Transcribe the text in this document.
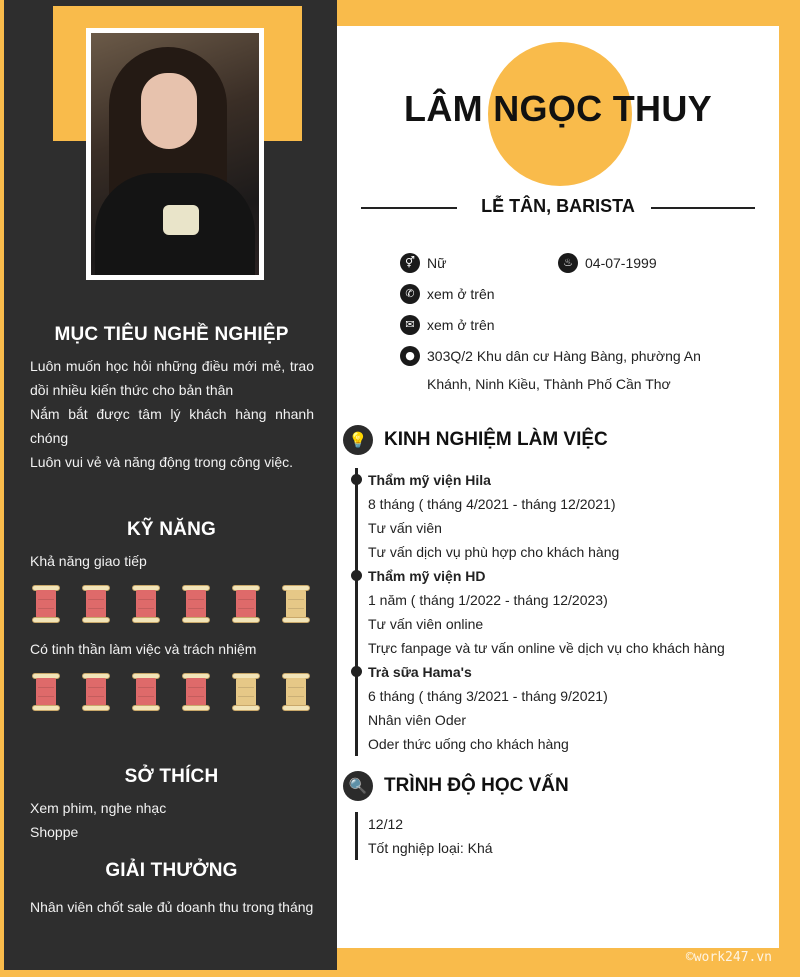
MỤC TIÊU NGHỀ NGHIỆP

Luôn muốn học hỏi những điều mới mẻ, trao dồi nhiều kiến thức cho bản thân

Nắm bắt được tâm lý khách hàng nhanh chóng

Luôn vui vẻ và năng động trong công việc.

KỸ NĂNG
Khả năng giao tiếp
Có tinh thần làm việc và trách nhiệm
SỞ THÍCH

Xem phim, nghe nhạc

Shoppe

GIẢI THƯỞNG

Nhân viên chốt sale đủ doanh thu trong tháng

LÂM NGỌC THUY
LỄ TÂN, BARISTA
⚥ Nữ	♨ 04-07-1999
✆ xem ở trên
✉ xem ở trên
● 303Q/2 Khu dân cư Hàng Bàng, phường An
Khánh, Ninh Kiều, Thành Phố Cần Thơ
💡 KINH NGHIỆM LÀM VIỆC
Thẩm mỹ viện Hila
8 tháng ( tháng 4/2021 - tháng 12/2021)
Tư vấn viên
Tư vấn dịch vụ phù hợp cho khách hàng
Thẩm mỹ viện HD
1 năm ( tháng 1/2022 - tháng 12/2023)
Tư vấn viên online
Trực fanpage và tư vấn online về dịch vụ cho khách hàng
Trà sữa Hama's
6 tháng ( tháng 3/2021 - tháng 9/2021)
Nhân viên Oder
Oder thức uống cho khách hàng
🔍 TRÌNH ĐỘ HỌC VẤN
12/12
Tốt nghiệp loại: Khá
©work247.vn
